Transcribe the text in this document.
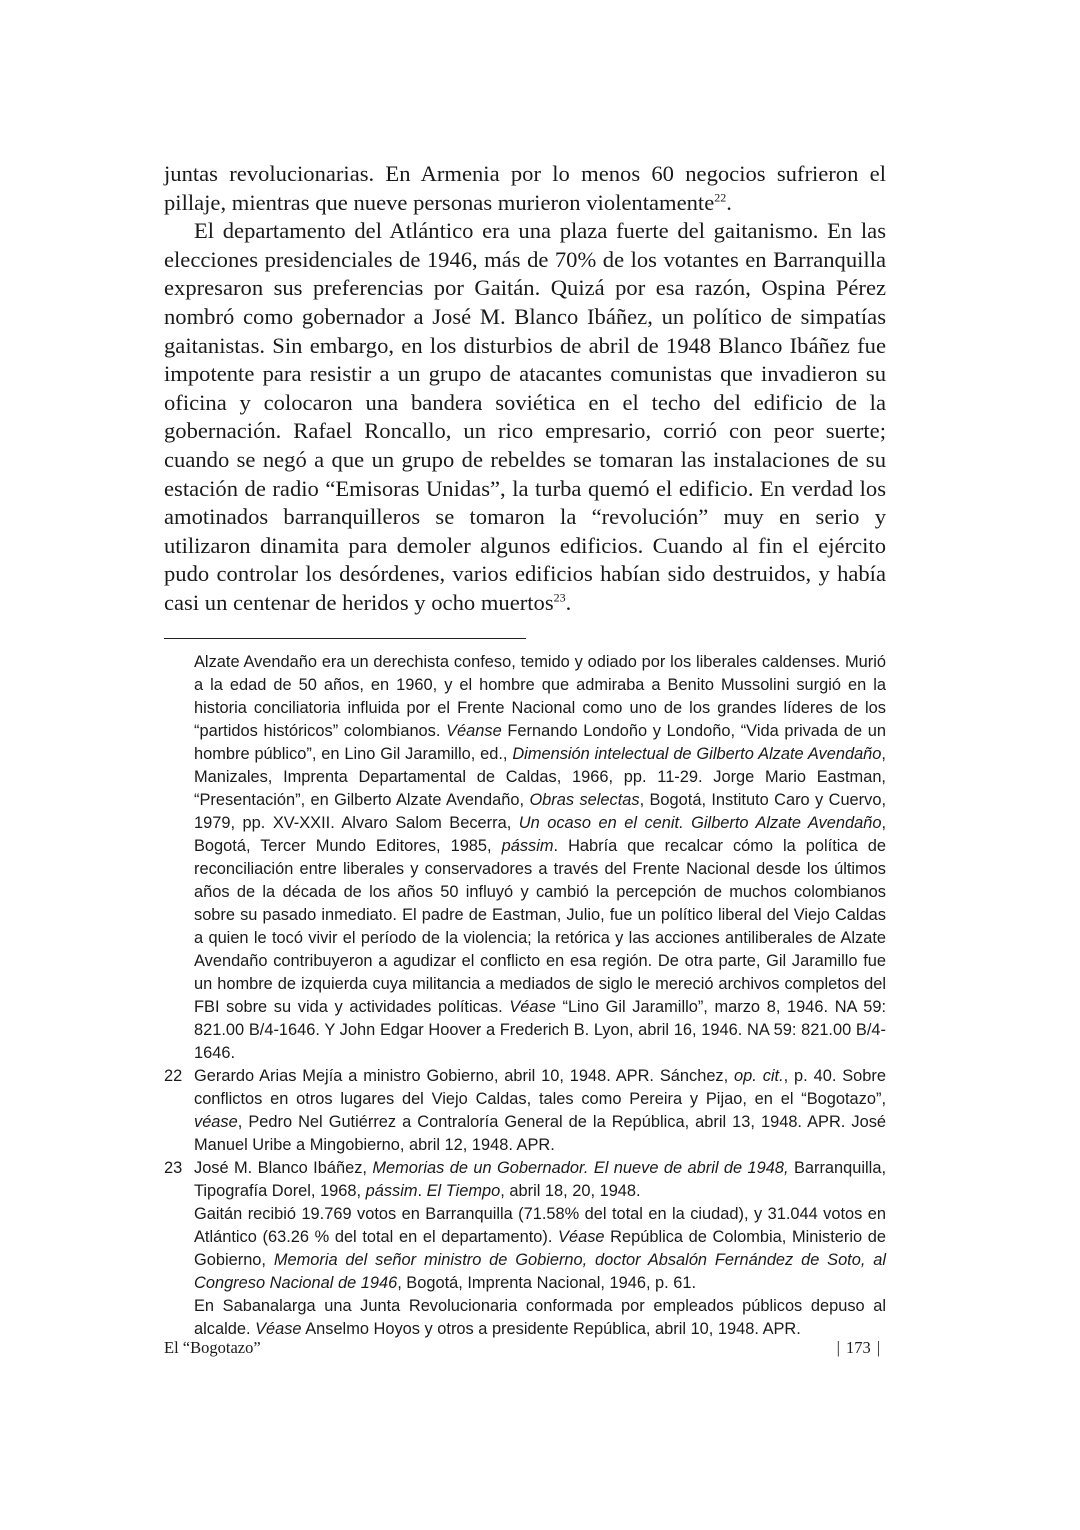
juntas revolucionarias. En Armenia por lo menos 60 negocios sufrieron el pillaje, mientras que nueve personas murieron violentamente$^{22}$.

El departamento del Atlántico era una plaza fuerte del gaitanismo. En las elecciones presidenciales de 1946, más de 70% de los votantes en Barranquilla expresaron sus preferencias por Gaitán. Quizá por esa razón, Ospina Pérez nombró como gobernador a José M. Blanco Ibáñez, un político de simpatías gaitanistas. Sin embargo, en los disturbios de abril de 1948 Blanco Ibáñez fue impotente para resistir a un grupo de atacantes comunistas que invadieron su oficina y colocaron una bandera soviética en el techo del edificio de la gobernación. Rafael Roncallo, un rico empresario, corrió con peor suerte; cuando se negó a que un grupo de rebeldes se tomaran las instalaciones de su estación de radio “Emisoras Unidas”, la turba quemó el edificio. En verdad los amotinados barranquilleros se tomaron la “revolución” muy en serio y utilizaron dinamita para demoler algunos edificios. Cuando al fin el ejército pudo controlar los desórdenes, varios edificios habían sido destruidos, y había casi un centenar de heridos y ocho muertos$^{23}$.

Alzate Avendaño era un derechista confeso, temido y odiado por los liberales caldenses. Murió a la edad de 50 años, en 1960, y el hombre que admiraba a Benito Mussolini surgió en la historia conciliatoria influida por el Frente Nacional como uno de los grandes líderes de los “partidos históricos” colombianos. Véanse Fernando Londoño y Londoño, “Vida privada de un hombre público”, en Lino Gil Jaramillo, ed., Dimensión intelectual de Gilberto Alzate Avendaño, Manizales, Imprenta Departamental de Caldas, 1966, pp. 11-29. Jorge Mario Eastman, “Presentación”, en Gilberto Alzate Avendaño, Obras selectas, Bogotá, Instituto Caro y Cuervo, 1979, pp. XV-XXII. Alvaro Salom Becerra, Un ocaso en el cenit. Gilberto Alzate Avendaño, Bogotá, Tercer Mundo Editores, 1985, pássim. Habría que recalcar cómo la política de reconciliación entre liberales y conservadores a través del Frente Nacional desde los últimos años de la década de los años 50 influyó y cambió la percepción de muchos colombianos sobre su pasado inmediato. El padre de Eastman, Julio, fue un político liberal del Viejo Caldas a quien le tocó vivir el período de la violencia; la retórica y las acciones antiliberales de Alzate Avendaño contribuyeron a agudizar el conflicto en esa región. De otra parte, Gil Jaramillo fue un hombre de izquierda cuya militancia a mediados de siglo le mereció archivos completos del FBI sobre su vida y actividades políticas. Véase “Lino Gil Jaramillo”, marzo 8, 1946. NA 59: 821.00 B/4-1646. Y John Edgar Hoover a Frederich B. Lyon, abril 16, 1946. NA 59: 821.00 B/4-1646.

22 Gerardo Arias Mejía a ministro Gobierno, abril 10, 1948. APR. Sánchez, op. cit., p. 40. Sobre conflictos en otros lugares del Viejo Caldas, tales como Pereira y Pijao, en el “Bogotazo”, véase, Pedro Nel Gutiérrez a Contraloría General de la República, abril 13, 1948. APR. José Manuel Uribe a Mingobierno, abril 12, 1948. APR.

23 José M. Blanco Ibáñez, Memorias de un Gobernador. El nueve de abril de 1948, Barranquilla, Tipografía Dorel, 1968, pássim. El Tiempo, abril 18, 20, 1948.

Gaitán recibió 19.769 votos en Barranquilla (71.58% del total en la ciudad), y 31.044 votos en Atlántico (63.26 % del total en el departamento). Véase República de Colombia, Ministerio de Gobierno, Memoria del señor ministro de Gobierno, doctor Absalón Fernández de Soto, al Congreso Nacional de 1946, Bogotá, Imprenta Nacional, 1946, p. 61.

En Sabanalarga una Junta Revolucionaria conformada por empleados públicos depuso al alcalde. Véase Anselmo Hoyos y otros a presidente República, abril 10, 1948. APR.

El “Bogotazo”	| 173 |
